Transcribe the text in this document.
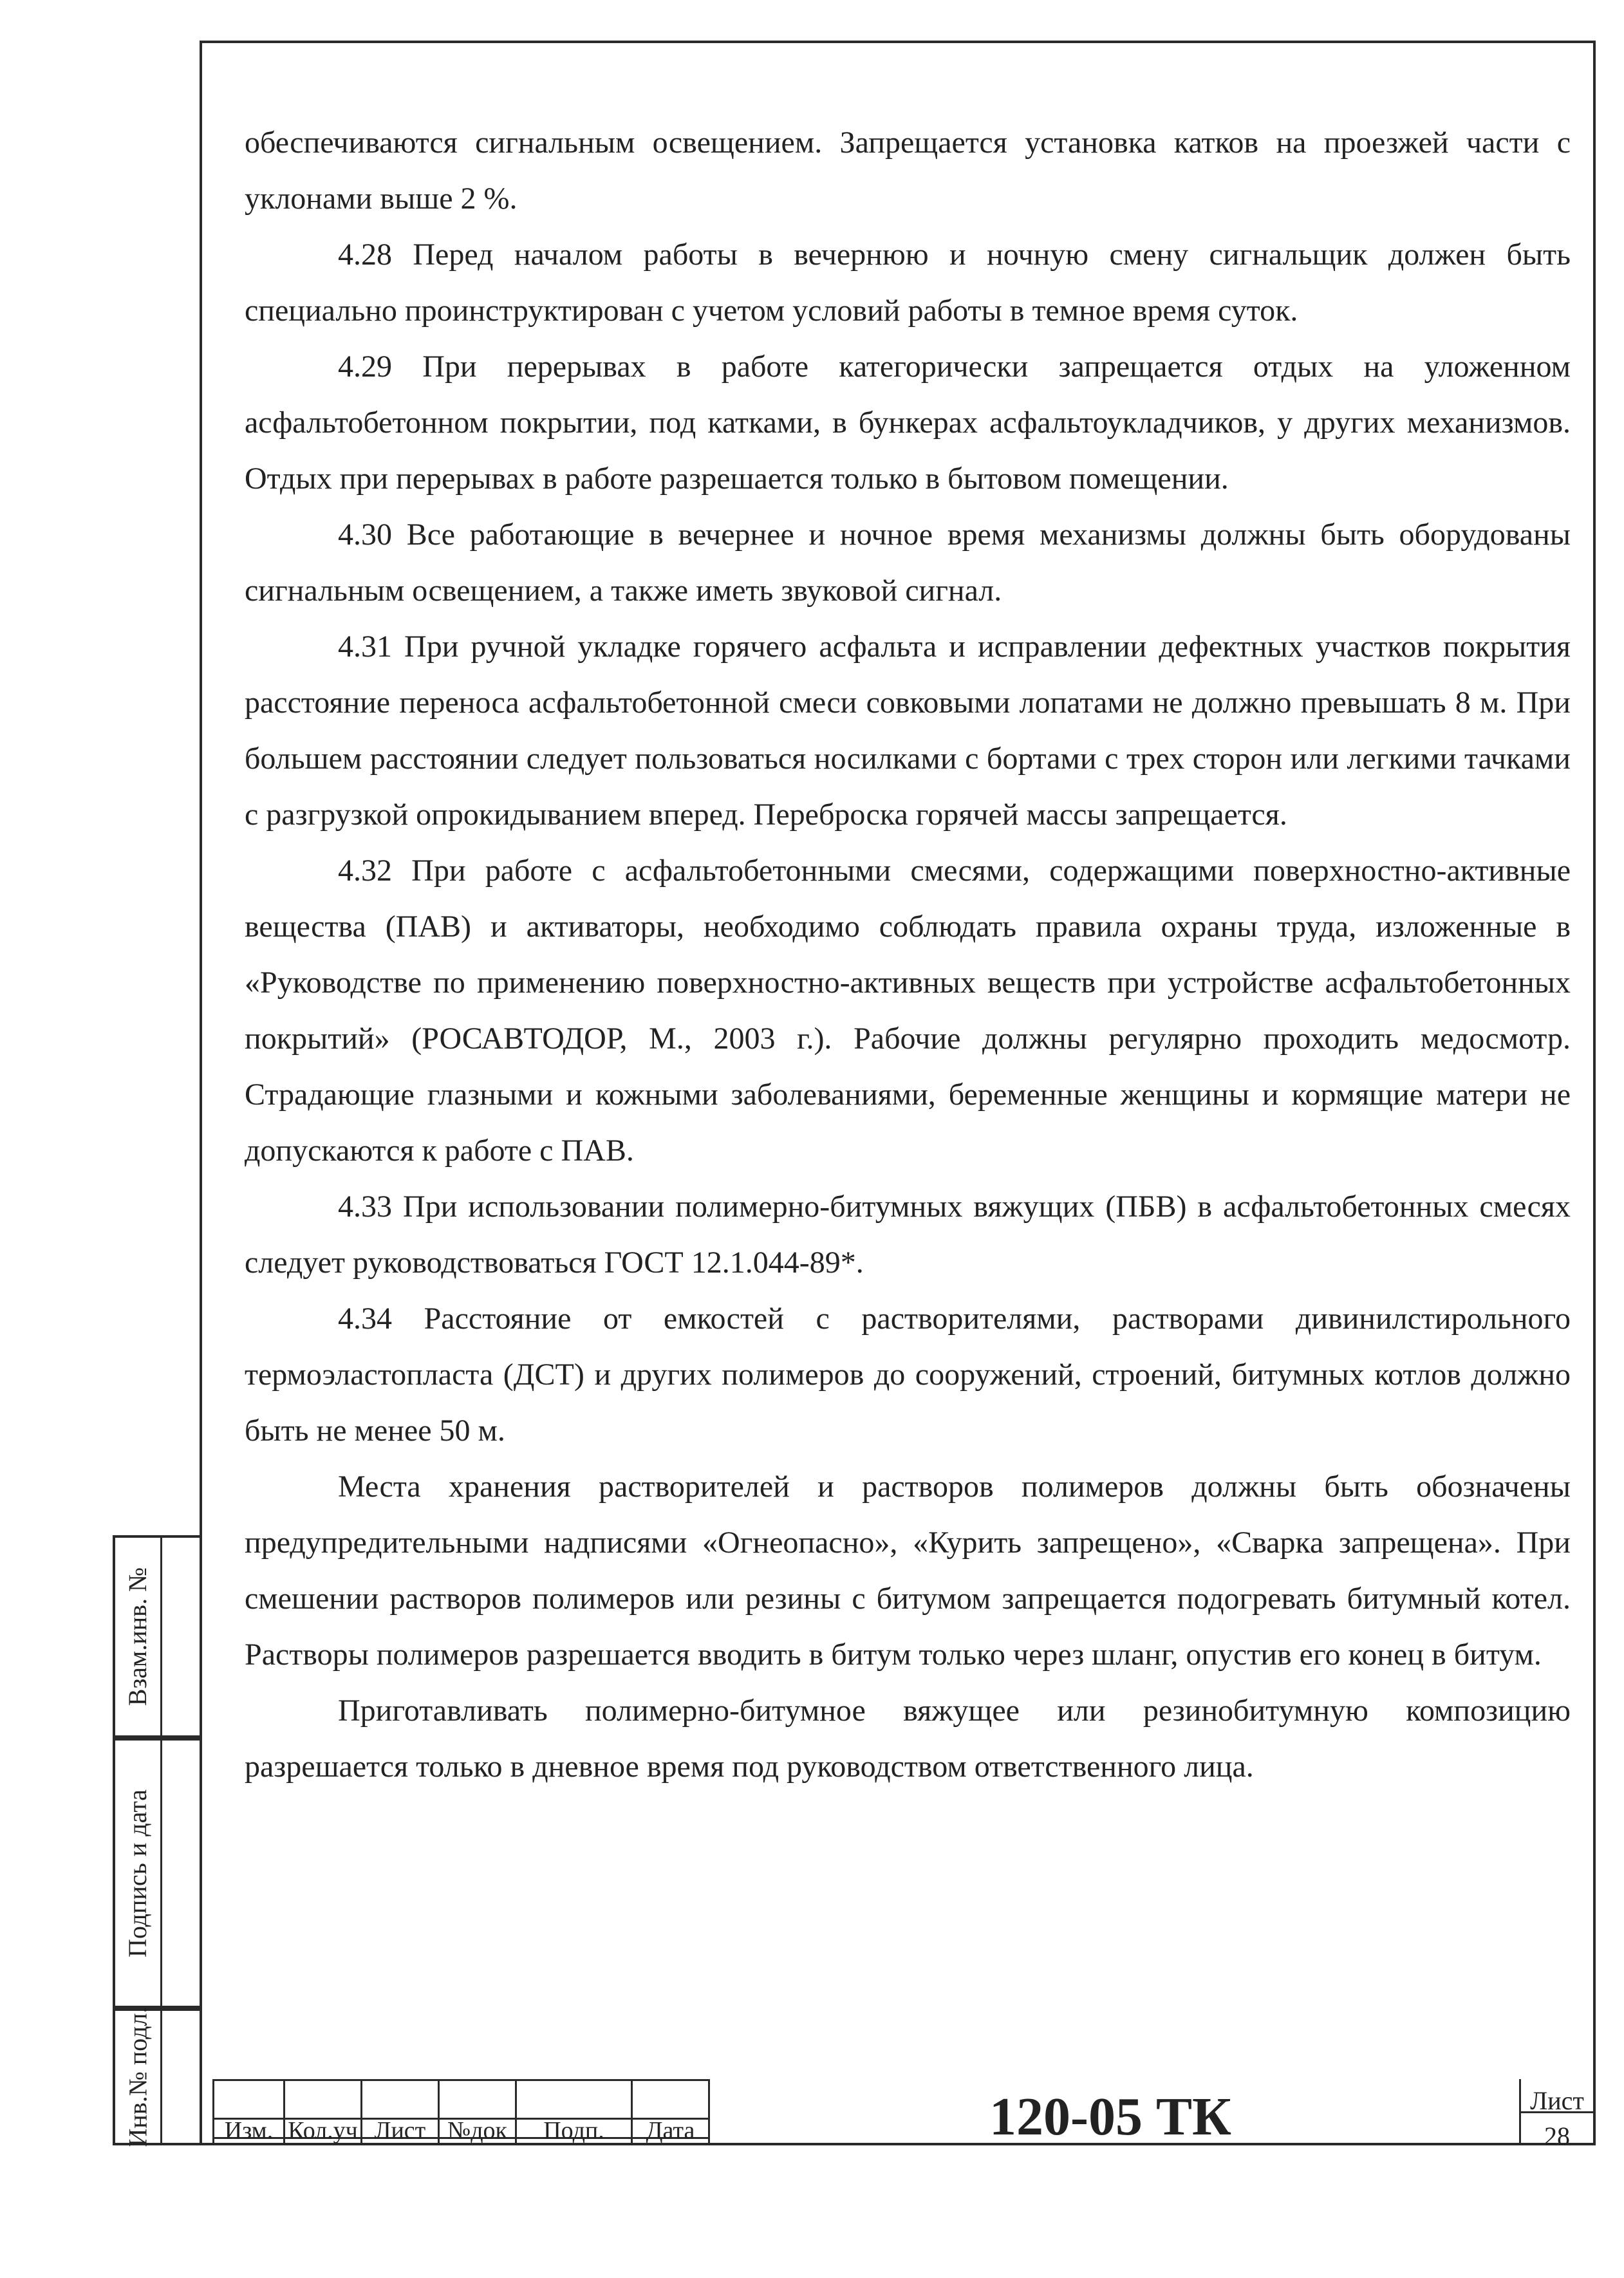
обеспечиваются сигнальным освещением. Запрещается установка катков на проезжей части с уклонами выше 2 %.

4.28 Перед началом работы в вечернюю и ночную смену сигнальщик должен быть специально проинструктирован с учетом условий работы в темное время суток.

4.29 При перерывах в работе категорически запрещается отдых на уложенном асфальтобетонном покрытии, под катками, в бункерах асфальтоукладчиков, у других механизмов. Отдых при перерывах в работе разрешается только в бытовом помещении.

4.30 Все работающие в вечернее и ночное время механизмы должны быть оборудованы сигнальным освещением, а также иметь звуковой сигнал.

4.31 При ручной укладке горячего асфальта и исправлении дефектных участков покрытия расстояние переноса асфальтобетонной смеси совковыми лопатами не должно превышать 8 м. При большем расстоянии следует пользоваться носилками с бортами с трех сторон или легкими тачками с разгрузкой опрокидыванием вперед. Переброска горячей массы запрещается.

4.32 При работе с асфальтобетонными смесями, содержащими поверхностно-активные вещества (ПАВ) и активаторы, необходимо соблюдать правила охраны труда, изложенные в «Руководстве по применению поверхностно-активных веществ при устройстве асфальтобетонных покрытий» (РОСАВТОДОР, М., 2003 г.). Рабочие должны регулярно проходить медосмотр. Страдающие глазными и кожными заболеваниями, беременные женщины и кормящие матери не допускаются к работе с ПАВ.

4.33 При использовании полимерно-битумных вяжущих (ПБВ) в асфальтобетонных смесях следует руководствоваться ГОСТ 12.1.044-89*.

4.34 Расстояние от емкостей с растворителями, растворами дивинилстирольного термоэластопласта (ДСТ) и других полимеров до сооружений, строений, битумных котлов должно быть не менее 50 м.

Места хранения растворителей и растворов полимеров должны быть обозначены предупредительными надписями «Огнеопасно», «Курить запрещено», «Сварка запрещена». При смешении растворов полимеров или резины с битумом запрещается подогревать битумный котел. Растворы полимеров разрешается вводить в битум только через шланг, опустив его конец в битум.

Приготавливать полимерно-битумное вяжущее или резинобитумную композицию разрешается только в дневное время под руководством ответственного лица.

Взам.инв. №
Подпись и дата
Инв.№ подл.	Изм. Кол.уч Лист №док	Подп.	Дата	120-05 ТК	Лист
28
